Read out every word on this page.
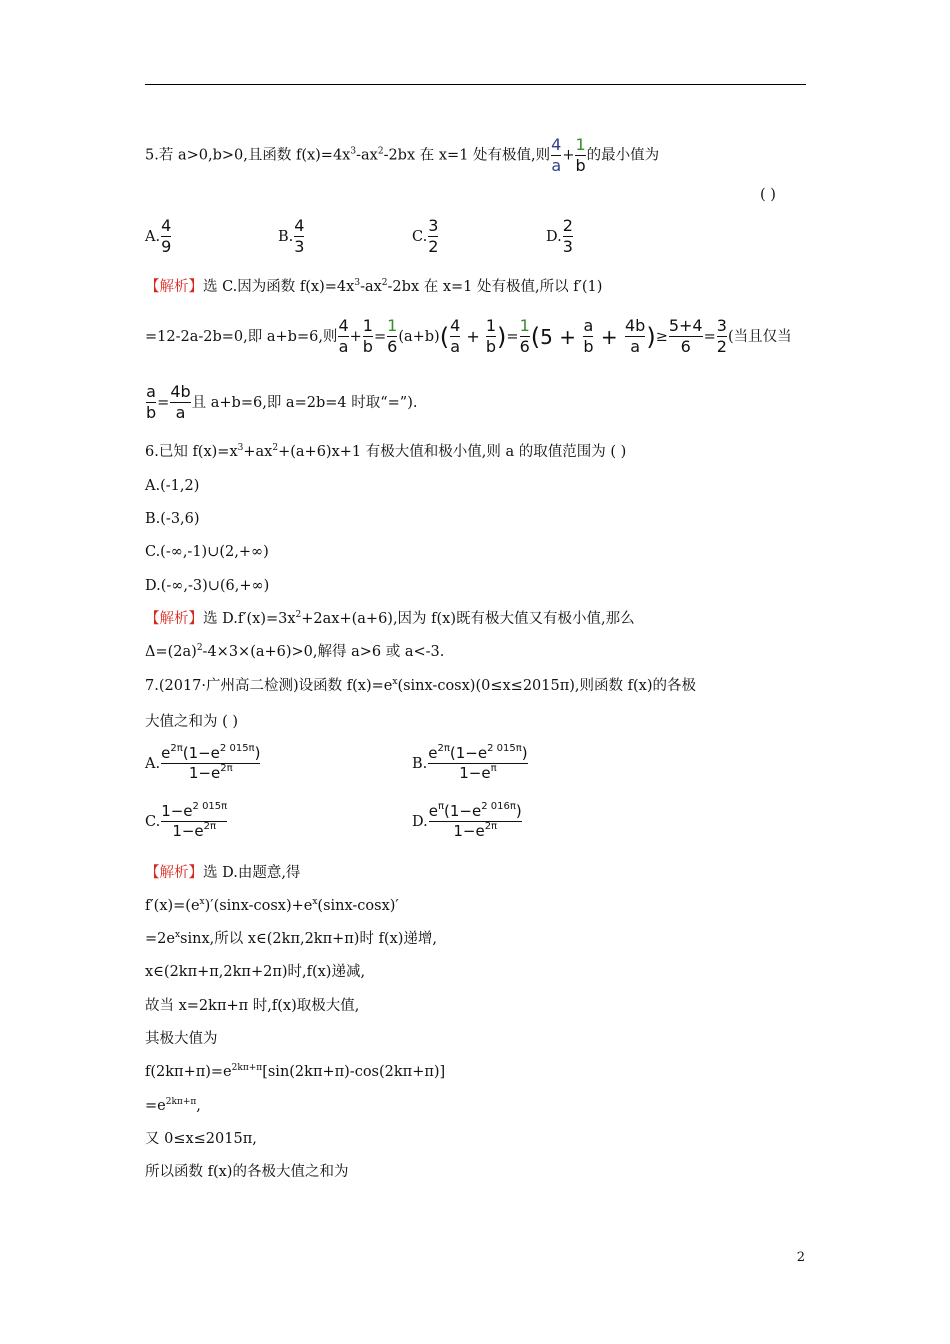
5.若 a>0,b>0,且函数 $f(x)=4x^3-ax^2-2bx$ 在 x=1 处有极值,则 $\frac{4}{a} + \frac{1}{b}$ 的最小值为
( )
A. $\frac{4}{9}$	B. $\frac{4}{3}$	C. $\frac{3}{2}$	D. $\frac{2}{3}$
【解析】选 C.因为函数 $f(x)=4x^3-ax^2-2bx$ 在 x=1 处有极值,所以 f′(1)
=12-2a-2b=0,即 a+b=6,则 $\frac{4}{a} + \frac{1}{b} = \frac{1}{6} (a+b)$ ( $\frac{4}{a} + \frac{1}{b}$ ) = $\frac{1}{6}$ ( $5 + \frac{a}{b} + \frac{4b}{a}$ ) ≥ $\frac{5+4}{6} = \frac{3}{2}$ (当且仅当
$\frac{a}{b} = \frac{4b}{a}$ 且 a+b=6,即 a=2b=4 时取“=”).
6.已知 $f(x)=x^3+ax^2+(a+6)x+1$ 有极大值和极小值,则 a 的取值范围为 ( )
A.(-1,2)
B.(-3,6)
C.(-∞,-1)∪(2,+∞)
D.(-∞,-3)∪(6,+∞)
【解析】选 $D.f'(x)=3x^2+2ax+(a+6)$,因为 f(x)既有极大值又有极小值,那么
$\Delta=(2a)^2-4\times 3\times(a+6)>0$,解得 a>6 或 a<-3.
7.(2017·广州高二检测)设函数 $f(x)=e^x(\sin x-\cos x)(0\le x\le 2015\pi)$,则函数 f(x)的各极
大值之和为 ( )
A. $\frac{e^{2\pi}(1-e^{2 015\pi})}{1-e^{2\pi}}$	B. $\frac{e^{2\pi}(1-e^{2 015\pi})}{1-e^\pi}$
C. $\frac{1-e^{2 015\pi}}{1-e^{2\pi}}$	D. $\frac{e^\pi(1-e^{2 016\pi})}{1-e^{2\pi}}$
【解析】选 D.由题意,得
$f'(x)=(e^x)'(\sin x-\cos x)+e^x(\sin x-\cos x)'$
$=2e^x\sin x$,所以 x∈(2kπ,2kπ+π)时 f(x)递增,
x∈(2kπ+π,2kπ+2π)时,f(x)递减,
故当 x=2kπ+π 时,f(x)取极大值,
其极大值为
$f(2k\pi+\pi)=e^{2k\pi+\pi}[\sin(2k\pi+\pi)-\cos(2k\pi+\pi)]$
$=e^{2k\pi+\pi}$,
又 0≤x≤2015π,
所以函数 f(x)的各极大值之和为
2
